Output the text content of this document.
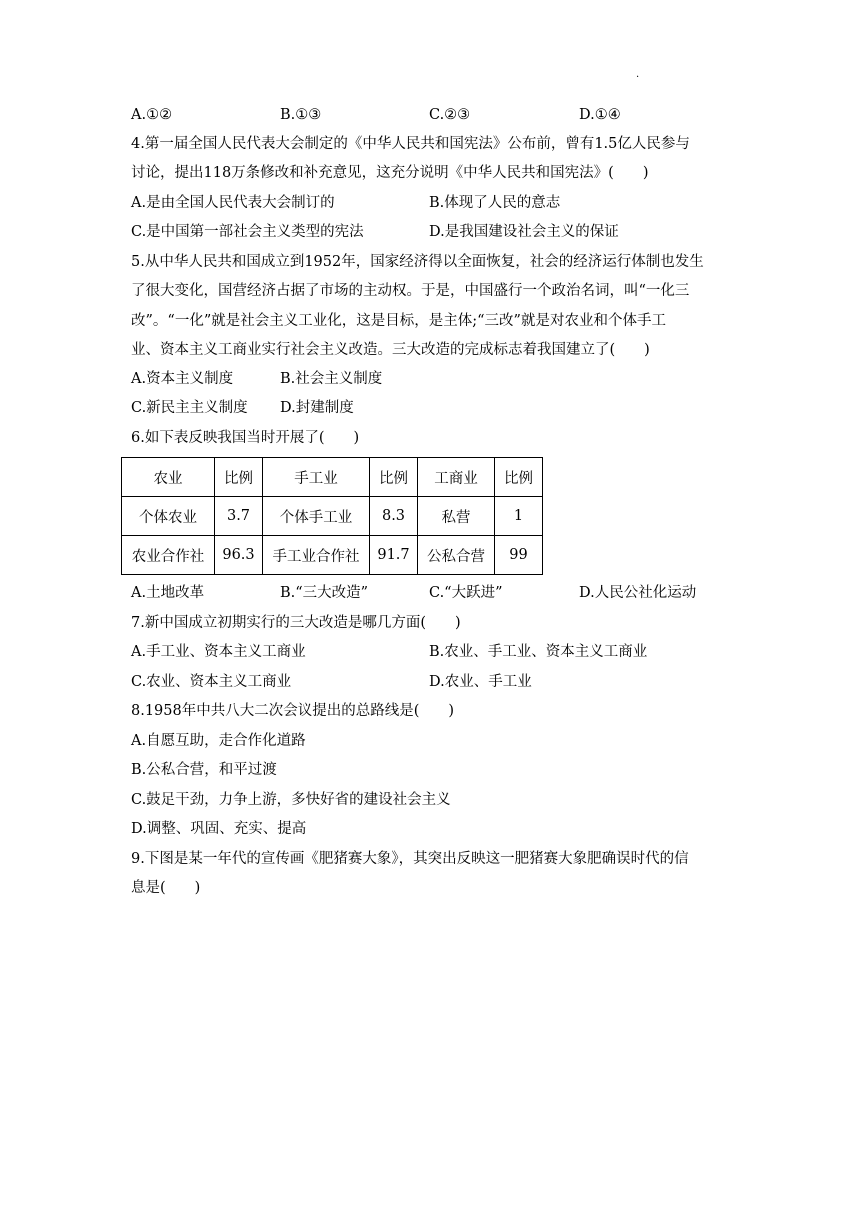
.
A.①②	B.①③	C.②③	D.①④
4.第一届全国人民代表大会制定的《中华人民共和国宪法》公布前，曾有1.5亿人民参与
讨论，提出118万条修改和补充意见，这充分说明《中华人民共和国宪法》(　　)
A.是由全国人民代表大会制订的	B.体现了人民的意志
C.是中国第一部社会主义类型的宪法	D.是我国建设社会主义的保证
5.从中华人民共和国成立到1952年，国家经济得以全面恢复，社会的经济运行体制也发生
了很大变化，国营经济占据了市场的主动权。于是，中国盛行一个政治名词，叫“一化三
改”。“一化”就是社会主义工业化，这是目标，是主体;“三改”就是对农业和个体手工
业、资本主义工商业实行社会主义改造。三大改造的完成标志着我国建立了(　　)
A.资本主义制度	B.社会主义制度
C.新民主主义制度 D.封建制度
6.如下表反映我国当时开展了(　　)
农业	比例	手工业	比例	工商业	比例
个体农业	3.7	个体手工业	8.3	私营	1
农业合作社	96.3	手工业合作社	91.7	公私合营	99
A.土地改革	B.“三大改造”	C.“大跃进”	D.人民公社化运动
7.新中国成立初期实行的三大改造是哪几方面(　　)
A.手工业、资本主义工商业	B.农业、手工业、资本主义工商业
C.农业、资本主义工商业	D.农业、手工业
8.1958年中共八大二次会议提出的总路线是(　　)
A.自愿互助，走合作化道路
B.公私合营，和平过渡
C.鼓足干劲，力争上游，多快好省的建设社会主义
D.调整、巩固、充实、提高
9.下图是某一年代的宣传画《肥猪赛大象》，其突出反映这一肥猪赛大象肥确误时代的信
息是(　　)
